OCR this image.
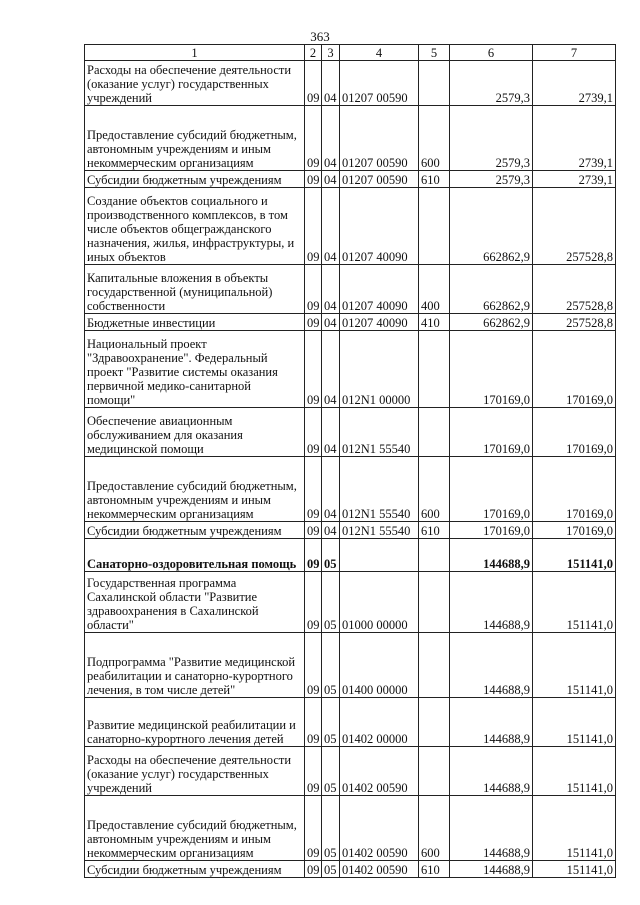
363
1	2	3	4	5	6	7
Расходы на обеспечение деятельности (оказание услуг) государственных учреждений	09	04	01207 00590		2579,3	2739,1
Предоставление субсидий бюджетным, автономным учреждениям и иным некоммерческим организациям	09	04	01207 00590	600	2579,3	2739,1
Субсидии бюджетным учреждениям	09	04	01207 00590	610	2579,3	2739,1
Создание объектов социального и производственного комплексов, в том числе объектов общегражданского назначения, жилья, инфраструктуры, и иных объектов	09	04	01207 40090		662862,9	257528,8
Капитальные вложения в объекты государственной (муниципальной) собственности	09	04	01207 40090	400	662862,9	257528,8
Бюджетные инвестиции	09	04	01207 40090	410	662862,9	257528,8
Национальный проект "Здравоохранение". Федеральный проект "Развитие системы оказания первичной медико-санитарной помощи"	09	04	012N1 00000		170169,0	170169,0
Обеспечение авиационным обслуживанием для оказания медицинской помощи	09	04	012N1 55540		170169,0	170169,0
Предоставление субсидий бюджетным, автономным учреждениям и иным некоммерческим организациям	09	04	012N1 55540	600	170169,0	170169,0
Субсидии бюджетным учреждениям	09	04	012N1 55540	610	170169,0	170169,0
Санаторно-оздоровительная помощь	09	05			144688,9	151141,0
Государственная программа Сахалинской области "Развитие здравоохранения в Сахалинской области"	09	05	01000 00000		144688,9	151141,0
Подпрограмма "Развитие медицинской реабилитации и санаторно-курортного лечения, в том числе детей"	09	05	01400 00000		144688,9	151141,0
Развитие медицинской реабилитации и санаторно-курортного лечения детей	09	05	01402 00000		144688,9	151141,0
Расходы на обеспечение деятельности (оказание услуг) государственных учреждений	09	05	01402 00590		144688,9	151141,0
Предоставление субсидий бюджетным, автономным учреждениям и иным некоммерческим организациям	09	05	01402 00590	600	144688,9	151141,0
Субсидии бюджетным учреждениям	09	05	01402 00590	610	144688,9	151141,0
